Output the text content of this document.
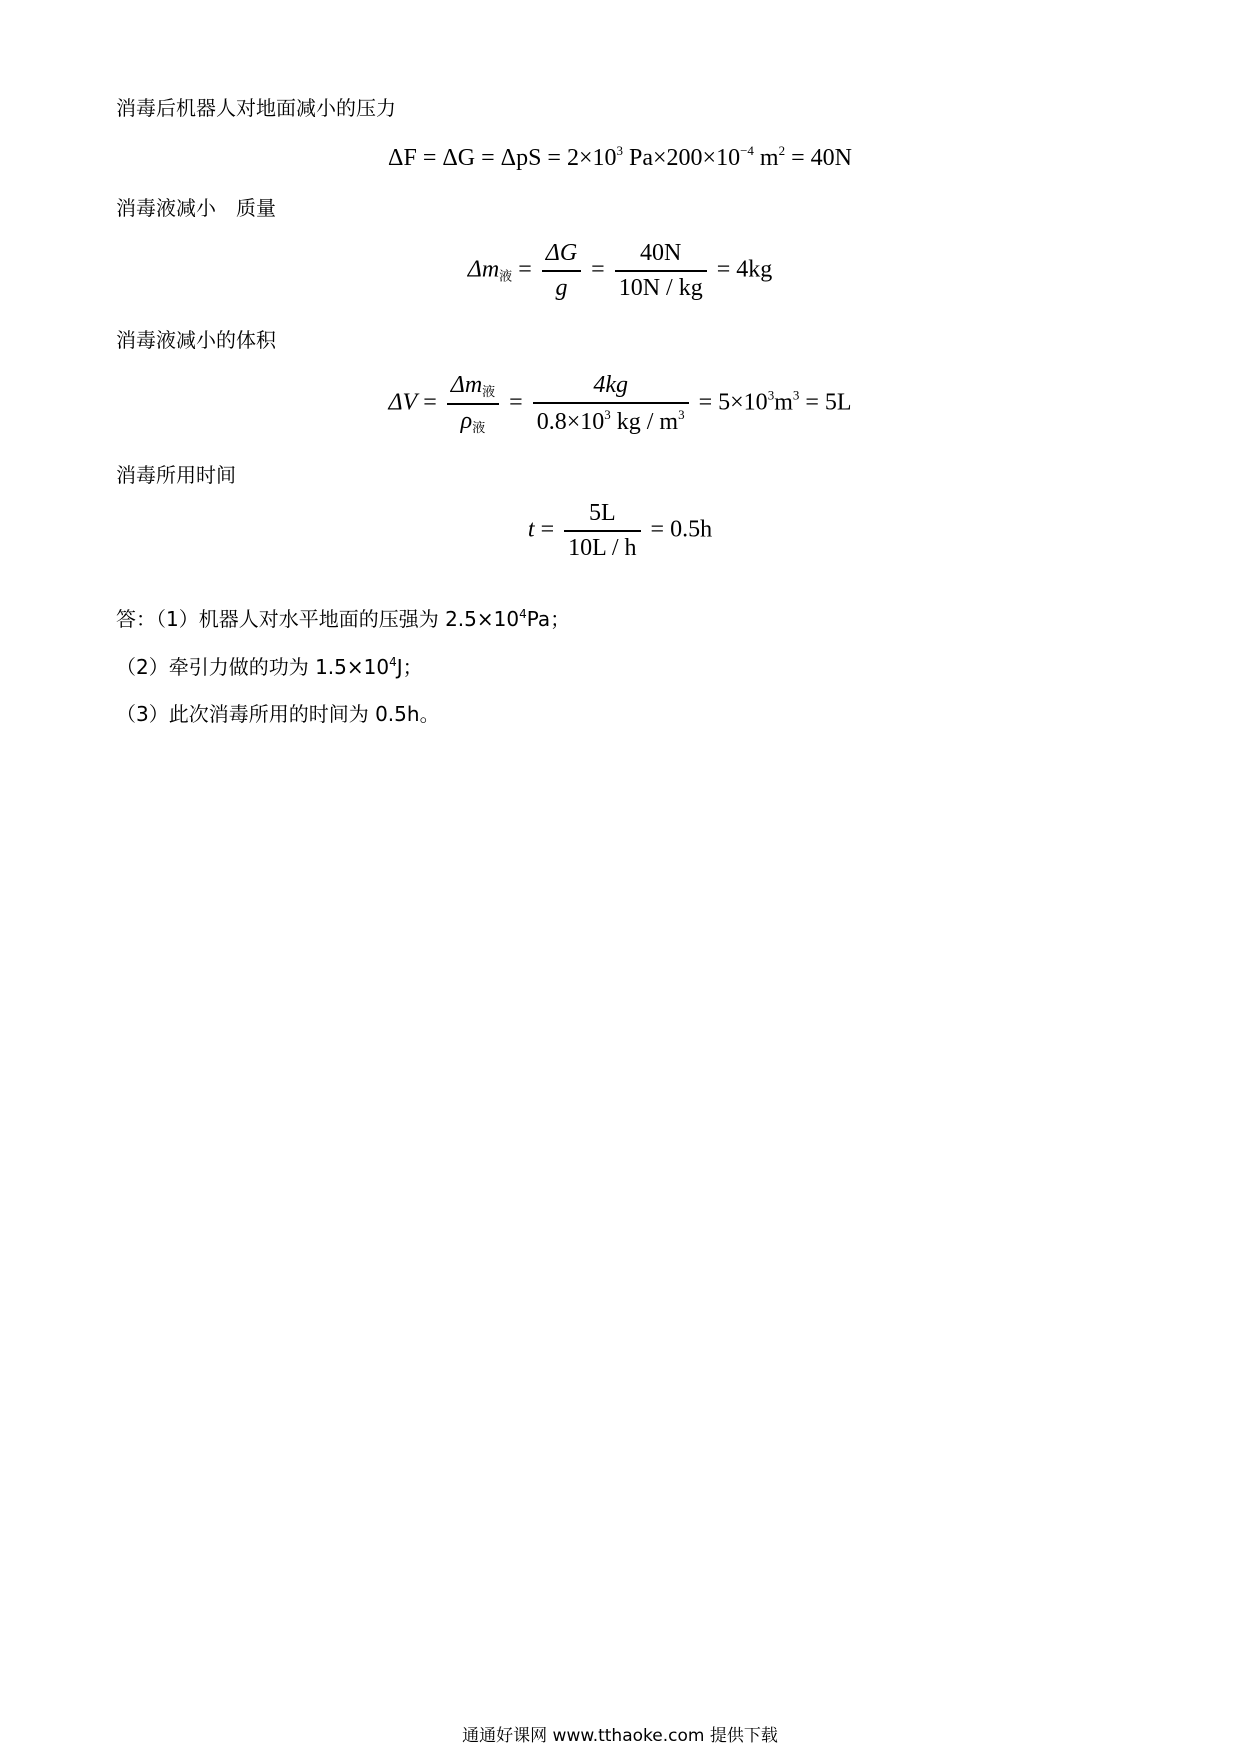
消毒后机器人对地面减小的压力
$\Delta F = \Delta G = \Delta pS = 2\times 10^3$ $Pa\times 200\times 10^{-4}$ $m^2 = 40N$
消毒液减小　质量
$\Delta m_液 = \frac{\Delta G}{g} = \frac{40N}{10N / kg} = 4kg$
消毒液减小的体积
$\Delta V = \frac{\Delta m_液}{\rho_液} = \frac{4kg}{0.8\times 10^3 kg / m^3} = 5\times 10^3m^3 = 5L$
消毒所用时间
$t = \frac{5L}{10L / h} = 0.5h$
答：（1）机器人对水平地面的压强为 $2.5\times 10^4Pa$；
（2）牵引力做的功为 $1.5\times 10^4J$；
（3）此次消毒所用的时间为 0.5h。
通通好课网 www.tthaoke.com 提供下载
